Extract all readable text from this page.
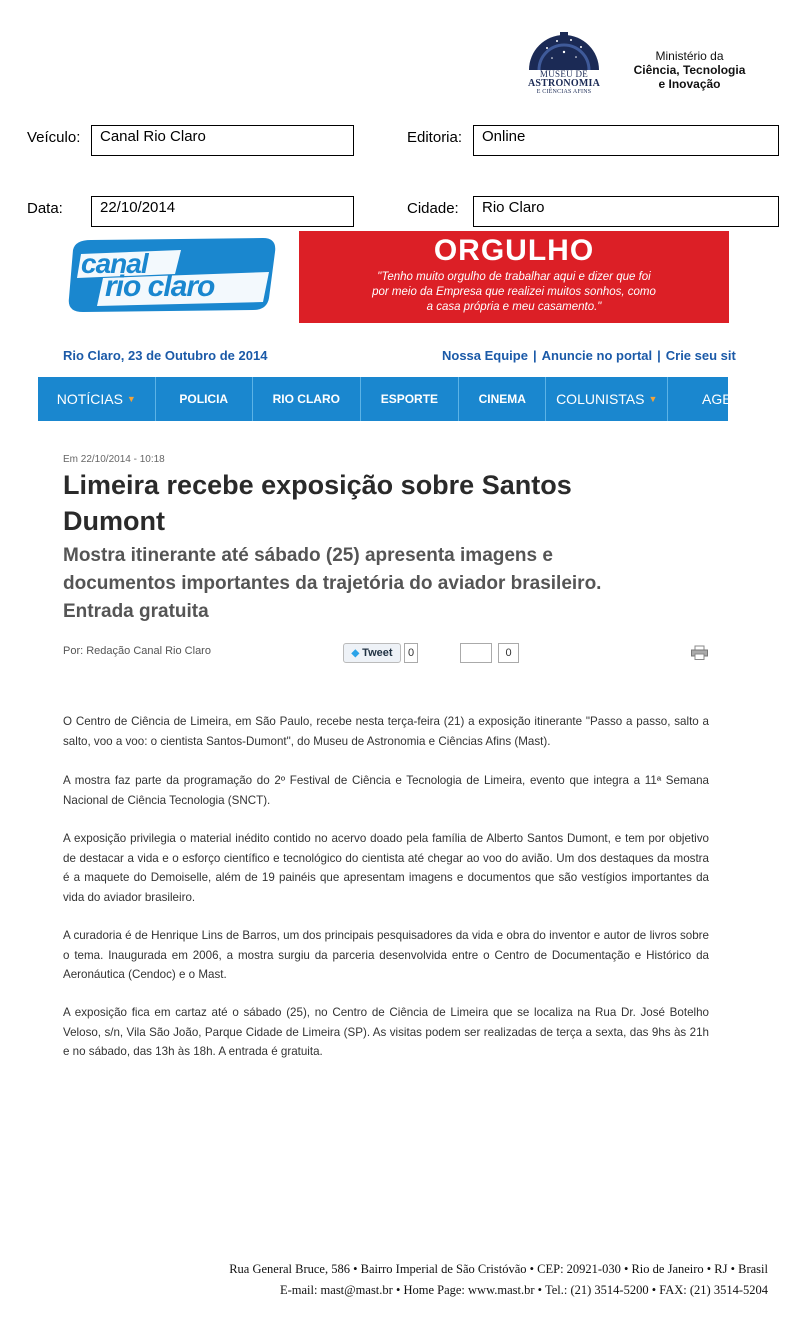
MUSEU DE
ASTRONOMIA
E CIÊNCIAS AFINS
Ministério da
Ciência, Tecnologia
e Inovação
Veículo:	Canal Rio Claro	Editoria:	Online
Data:	22/10/2014	Cidade:	Rio Claro
canal
rio claro
ORGULHO
"Tenho muito orgulho de trabalhar aqui e dizer que foi
por meio da Empresa que realizei muitos sonhos, como
a casa própria e meu casamento."
Rio Claro, 23 de Outubro de 2014	Nossa Equipe | Anuncie no portal | Crie seu sit
NOTÍCIAS ▼	POLICIA	RIO CLARO	ESPORTE	CINEMA COLUNISTAS ▼	AGE
Em 22/10/2014 - 10:18
Limeira recebe exposição sobre Santos
Dumont
Mostra itinerante até sábado (25) apresenta imagens e
documentos importantes da trajetória do aviador brasileiro.
Entrada gratuita
Por: Redação Canal Rio Claro	◆ Tweet	0	0
O Centro de Ciência de Limeira, em São Paulo, recebe nesta terça-feira (21) a exposição itinerante "Passo a passo, salto a salto, voo a voo: o cientista Santos-Dumont", do Museu de Astronomia e Ciências Afins (Mast).
A mostra faz parte da programação do 2º Festival de Ciência e Tecnologia de Limeira, evento que integra a 11ª Semana Nacional de Ciência Tecnologia (SNCT).
A exposição privilegia o material inédito contido no acervo doado pela família de Alberto Santos Dumont, e tem por objetivo de destacar a vida e o esforço científico e tecnológico do cientista até chegar ao voo do avião. Um dos destaques da mostra é a maquete do Demoiselle, além de 19 painéis que apresentam imagens e documentos que são vestígios importantes da vida do aviador brasileiro.
A curadoria é de Henrique Lins de Barros, um dos principais pesquisadores da vida e obra do inventor e autor de livros sobre o tema. Inaugurada em 2006, a mostra surgiu da parceria desenvolvida entre o Centro de Documentação e Histórico da Aeronáutica (Cendoc) e o Mast.
A exposição fica em cartaz até o sábado (25), no Centro de Ciência de Limeira que se localiza na Rua Dr. José Botelho Veloso, s/n, Vila São João, Parque Cidade de Limeira (SP). As visitas podem ser realizadas de terça a sexta, das 9hs às 21h e no sábado, das 13h às 18h. A entrada é gratuita.
Rua General Bruce, 586 • Bairro Imperial de São Cristóvão • CEP: 20921-030 • Rio de Janeiro • RJ • Brasil
E-mail: mast@mast.br • Home Page: www.mast.br • Tel.: (21) 3514-5200 • FAX: (21) 3514-5204
